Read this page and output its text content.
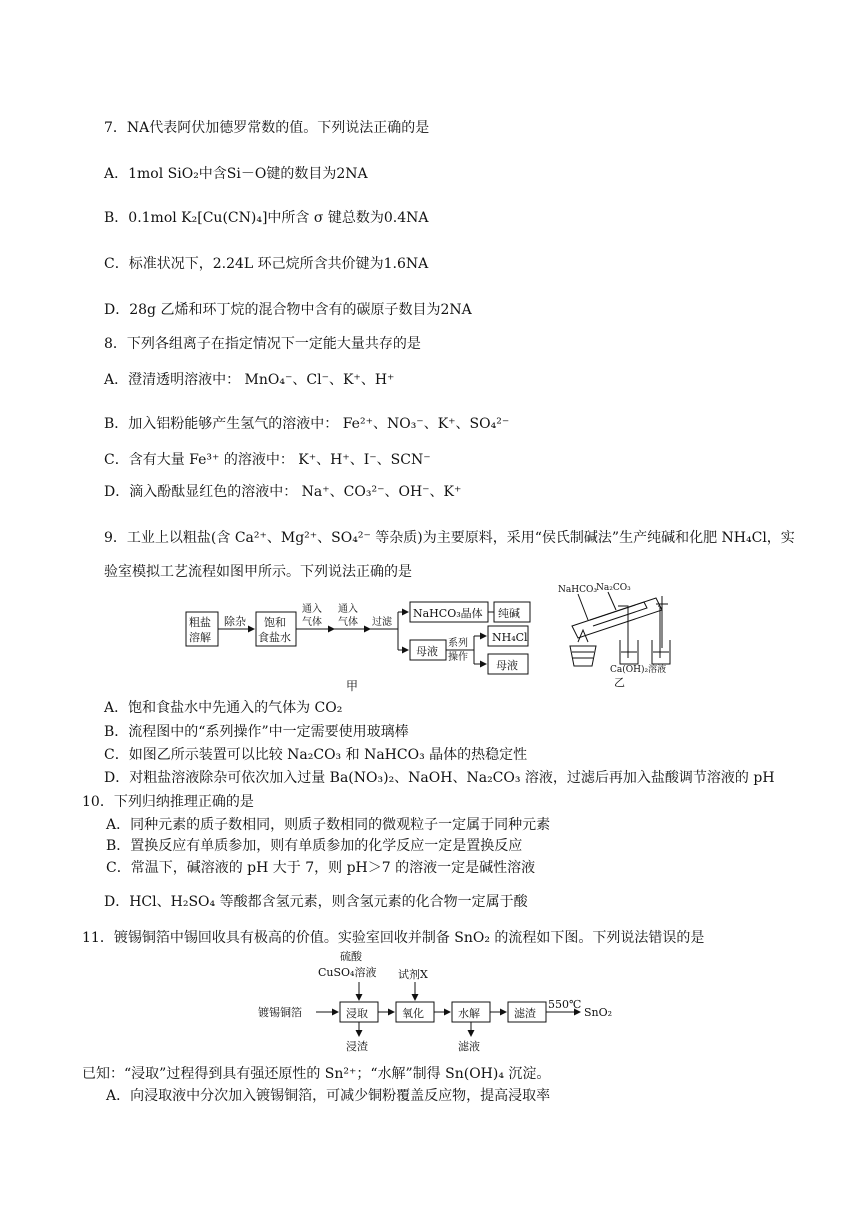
7．NA代表阿伏加德罗常数的值。下列说法正确的是
A．1mol SiO₂中含Si－O键的数目为2NA
B．0.1mol K₂[Cu(CN)₄]中所含 σ 键总数为0.4NA
C．标准状况下，2.24L 环己烷所含共价键为1.6NA
D．28g 乙烯和环丁烷的混合物中含有的碳原子数目为2NA
8．下列各组离子在指定情况下一定能大量共存的是
A．澄清透明溶液中： MnO₄⁻、Cl⁻、K⁺、H⁺
B．加入铝粉能够产生氢气的溶液中： Fe²⁺、NO₃⁻、K⁺、SO₄²⁻
C．含有大量 Fe³⁺ 的溶液中： K⁺、H⁺、I⁻、SCN⁻
D．滴入酚酞显红色的溶液中： Na⁺、CO₃²⁻、OH⁻、K⁺
9．工业上以粗盐(含 Ca²⁺、Mg²⁺、SO₄²⁻ 等杂质)为主要原料，采用“侯氏制碱法”生产纯碱和化肥 NH₄Cl，实
验室模拟工艺流程如图甲所示。下列说法正确的是
粗盐
溶解
除杂 饱和
食盐水
通入
气体
通入
气体 过滤
NaHCO₃晶体 纯碱
母液
系列
操作
NH₄Cl
母液
甲
NaHCO₃ Na₂CO₃
Ca(OH)₂溶液
乙
A．饱和食盐水中先通入的气体为 CO₂
B．流程图中的“系列操作”中一定需要使用玻璃棒
C．如图乙所示装置可以比较 Na₂CO₃ 和 NaHCO₃ 晶体的热稳定性
D．对粗盐溶液除杂可依次加入过量 Ba(NO₃)₂、NaOH、Na₂CO₃ 溶液，过滤后再加入盐酸调节溶液的 pH
10．下列归纳推理正确的是
A．同种元素的质子数相同，则质子数相同的微观粒子一定属于同种元素
B．置换反应有单质参加，则有单质参加的化学反应一定是置换反应
C．常温下，碱溶液的 pH 大于 7，则 pH＞7 的溶液一定是碱性溶液
D．HCl、H₂SO₄ 等酸都含氢元素，则含氢元素的化合物一定属于酸
11．镀锡铜箔中锡回收具有极高的价值。实验室回收并制备 SnO₂ 的流程如下图。下列说法错误的是
硫酸
CuSO₄溶液 试剂X
镀锡铜箔	浸取	氧化	水解	滤渣
550℃
SnO₂
浸渣	滤液
已知：“浸取”过程得到具有强还原性的 Sn²⁺；“水解”制得 Sn(OH)₄ 沉淀。
A．向浸取液中分次加入镀锡铜箔，可减少铜粉覆盖反应物，提高浸取率
